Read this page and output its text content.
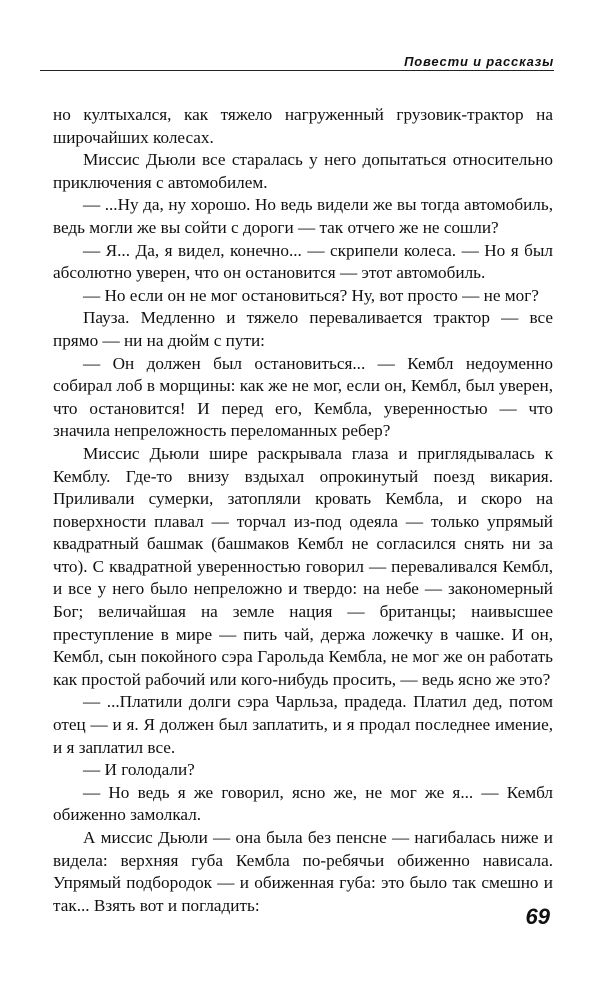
Повести и рассказы

но култыхался, как тяжело нагруженный грузовик-трактор на широчайших колесах.

Миссис Дьюли все старалась у него допытаться относительно приключения с автомобилем.

— ...Ну да, ну хорошо. Но ведь видели же вы тогда автомобиль, ведь могли же вы сойти с дороги — так отчего же не сошли?

— Я... Да, я видел, конечно... — скрипели колеса. — Но я был абсолютно уверен, что он остановится — этот автомобиль.

— Но если он не мог остановиться? Ну, вот просто — не мог?

Пауза. Медленно и тяжело переваливается трактор — все прямо — ни на дюйм с пути:

— Он должен был остановиться... — Кембл недоуменно собирал лоб в морщины: как же не мог, если он, Кембл, был уверен, что остановится! И перед его, Кембла, уверенностью — что значила непреложность переломанных ребер?

Миссис Дьюли шире раскрывала глаза и приглядывалась к Кемблу. Где-то внизу вздыхал опрокинутый поезд викария. Приливали сумерки, затопляли кровать Кембла, и скоро на поверхности плавал — торчал из-под одеяла — только упрямый квадратный башмак (башмаков Кембл не согласился снять ни за что). С квадратной уверенностью говорил — переваливался Кембл, и все у него было непреложно и твердо: на небе — закономерный Бог; величайшая на земле нация — британцы; наивысшее преступление в мире — пить чай, держа ложечку в чашке. И он, Кембл, сын покойного сэра Гарольда Кембла, не мог же он работать как простой рабочий или кого-нибудь просить, — ведь ясно же это?

— ...Платили долги сэра Чарльза, прадеда. Платил дед, потом отец — и я. Я должен был заплатить, и я продал последнее имение, и я заплатил все.

— И голодали?

— Но ведь я же говорил, ясно же, не мог же я... — Кембл обиженно замолкал.

А миссис Дьюли — она была без пенсне — нагибалась ниже и видела: верхняя губа Кембла по-ребячьи обиженно нависала. Упрямый подбородок — и обиженная губа: это было так смешно и так... Взять вот и погладить:	69
